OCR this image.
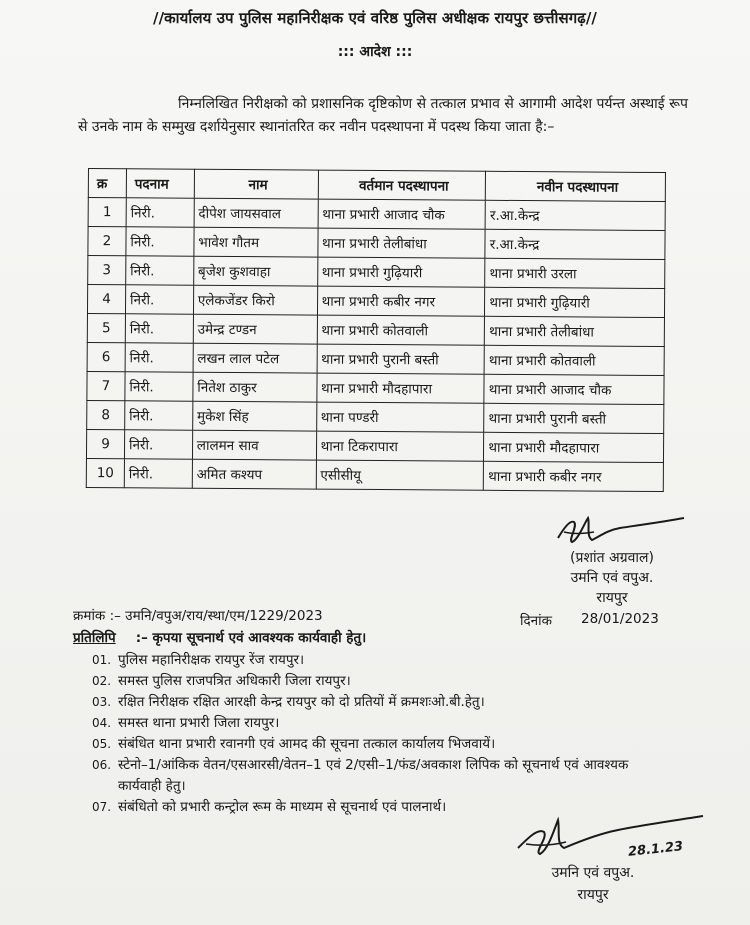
//कार्यालय उप पुलिस महानिरीक्षक एवं वरिष्ठ पुलिस अधीक्षक रायपुर छत्तीसगढ़//
::: आदेश :::
निम्नलिखित निरीक्षको को प्रशासनिक दृष्टिकोण से तत्काल प्रभाव से आगामी आदेश पर्यन्त अस्थाई रूप से उनके नाम के सम्मुख दर्शायेनुसार स्थानांतरित कर नवीन पदस्थापना में पदस्थ किया जाता है:–
क्र	पदनाम	नाम	वर्तमान पदस्थापना	नवीन पदस्थापना
1	निरी.	दीपेश जायसवाल	थाना प्रभारी आजाद चौक	र.आ.केन्द्र
2	निरी.	भावेश गौतम	थाना प्रभारी तेलीबांधा	र.आ.केन्द्र
3	निरी.	बृजेश कुशवाहा	थाना प्रभारी गुढ़ियारी	थाना प्रभारी उरला
4	निरी.	एलेकजेंडर किरो	थाना प्रभारी कबीर नगर	थाना प्रभारी गुढ़ियारी
5	निरी.	उमेन्द्र टण्डन	थाना प्रभारी कोतवाली	थाना प्रभारी तेलीबांधा
6	निरी.	लखन लाल पटेल	थाना प्रभारी पुरानी बस्ती	थाना प्रभारी कोतवाली
7	निरी.	नितेश ठाकुर	थाना प्रभारी मौदहापारा	थाना प्रभारी आजाद चौक
8	निरी.	मुकेश सिंह	थाना पण्डरी	थाना प्रभारी पुरानी बस्ती
9	निरी.	लालमन साव	थाना टिकरापारा	थाना प्रभारी मौदहापारा
10	निरी.	अमित कश्यप	एसीसीयू	थाना प्रभारी कबीर नगर
(प्रशांत अग्रवाल)
उमनि एवं वपुअ.
रायपुर
क्रमांक :– उमनि/वपुअ/राय/स्था/एम/1229/2023	दिनांक 28/01/2023
प्रतिलिपि :– कृपया सूचनार्थ एवं आवश्यक कार्यवाही हेतु।
01. पुलिस महानिरीक्षक रायपुर रेंज रायपुर।
02. समस्त पुलिस राजपत्रित अधिकारी जिला रायपुर।
03. रक्षित निरीक्षक रक्षित आरक्षी केन्द्र रायपुर को दो प्रतियों में क्रमशःओ.बी.हेतु।
04. समस्त थाना प्रभारी जिला रायपुर।
05. संबंधित थाना प्रभारी रवानगी एवं आमद की सूचना तत्काल कार्यालय भिजवायें।
06. स्टेनो–1/आंकिक वेतन/एसआरसी/वेतन–1 एवं 2/एसी–1/फंड/अवकाश लिपिक को सूचनार्थ एवं आवश्यक कार्यवाही हेतु।
07. संबंधितो को प्रभारी कन्ट्रोल रूम के माध्यम से सूचनार्थ एवं पालनार्थ।
28.1.23
उमनि एवं वपुअ.
रायपुर
